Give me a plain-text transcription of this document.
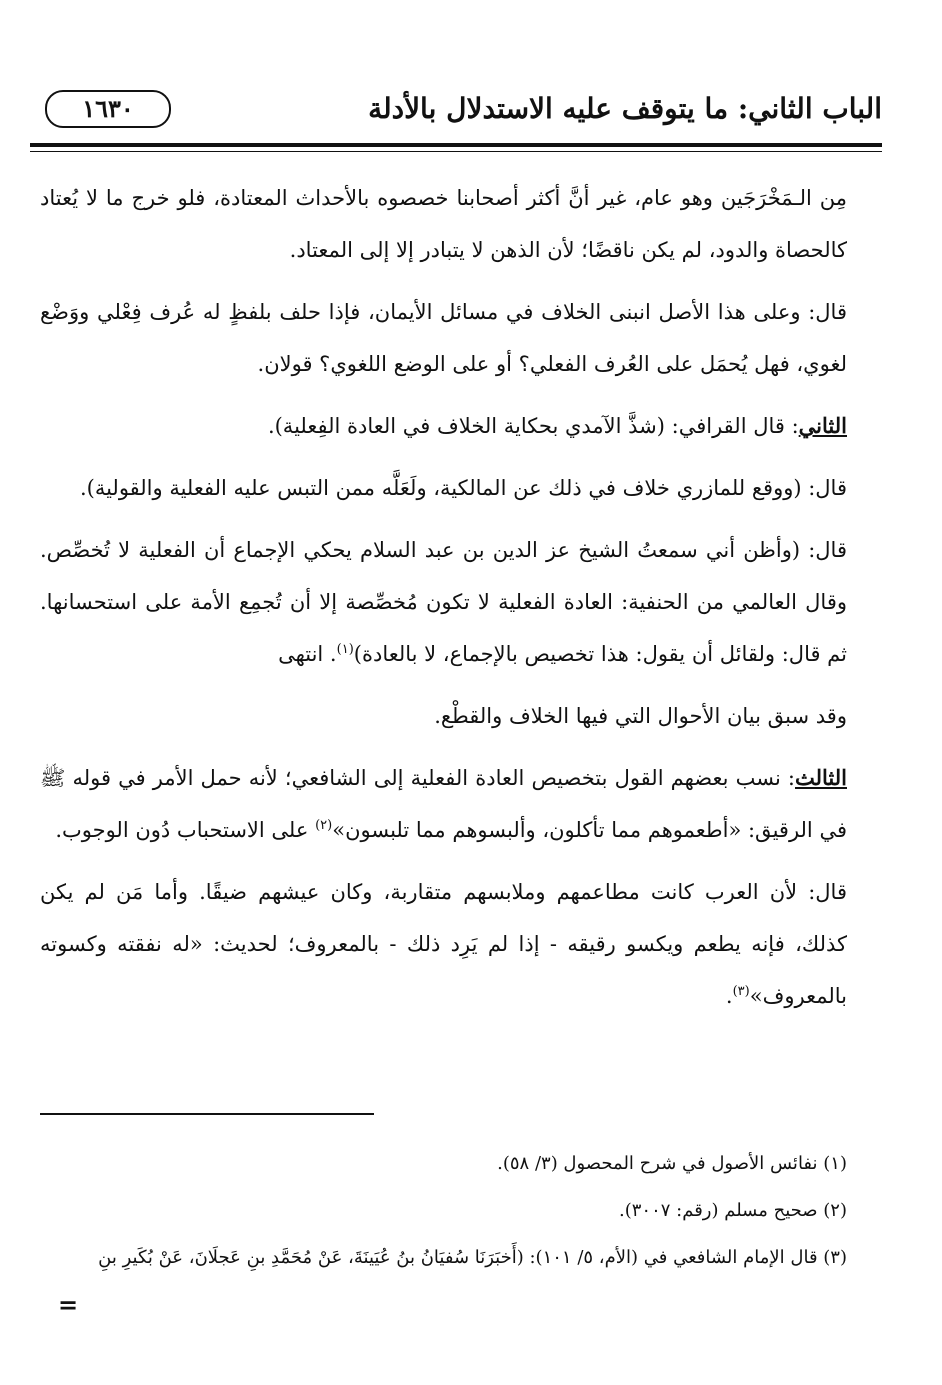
الباب الثاني: ما يتوقف عليه الاستدلال بالأدلة
١٦٣٠

مِن الـمَخْرَجَين وهو عام، غير أنَّ أكثر أصحابنا خصصوه بالأحداث المعتادة، فلو خرج ما لا يُعتاد كالحصاة والدود، لم يكن ناقضًا؛ لأن الذهن لا يتبادر إلا إلى المعتاد.

قال: وعلى هذا الأصل انبنى الخلاف في مسائل الأيمان، فإذا حلف بلفظٍ له عُرف فِعْلي ووَضْع لغوي، فهل يُحمَل على العُرف الفعلي؟ أو على الوضع اللغوي؟ قولان.

الثاني: قال القرافي: (شذَّ الآمدي بحكاية الخلاف في العادة الفِعلية).

قال: (ووقع للمازري خلاف في ذلك عن المالكية، ولَعَلَّه ممن التبس عليه الفعلية والقولية).

قال: (وأظن أني سمعتُ الشيخ عز الدين بن عبد السلام يحكي الإجماع أن الفعلية لا تُخصِّص. وقال العالمي من الحنفية: العادة الفعلية لا تكون مُخصِّصة إلا أن تُجمِع الأمة على استحسانها. ثم قال: ولقائل أن يقول: هذا تخصيص بالإجماع، لا بالعادة)$^{(١)}$. انتهى

وقد سبق بيان الأحوال التي فيها الخلاف والقطْع.

الثالث: نسب بعضهم القول بتخصيص العادة الفعلية إلى الشافعي؛ لأنه حمل الأمر في قوله ﷺ في الرقيق: «أطعموهم مما تأكلون، وألبسوهم مما تلبسون»$^{(٢)}$ على الاستحباب دُون الوجوب.

قال: لأن العرب كانت مطاعمهم وملابسهم متقاربة، وكان عيشهم ضيقًا. وأما مَن لم يكن كذلك، فإنه يطعم ويكسو رقيقه - إذا لم يَرِد ذلك - بالمعروف؛ لحديث: «له نفقته وكسوته بالمعروف»$^{(٣)}$.

(١) نفائس الأصول في شرح المحصول (٣/ ٥٨).

(٢) صحيح مسلم (رقم: ٣٠٠٧).

(٣) قال الإمام الشافعي في (الأم، ٥/ ١٠١): (أَخبَرَنَا سُفيَانُ بنُ عُيَينَةَ، عَنْ مُحَمَّدِ بنِ عَجلَانَ، عَنْ بُكَيرِ بنِ

=
